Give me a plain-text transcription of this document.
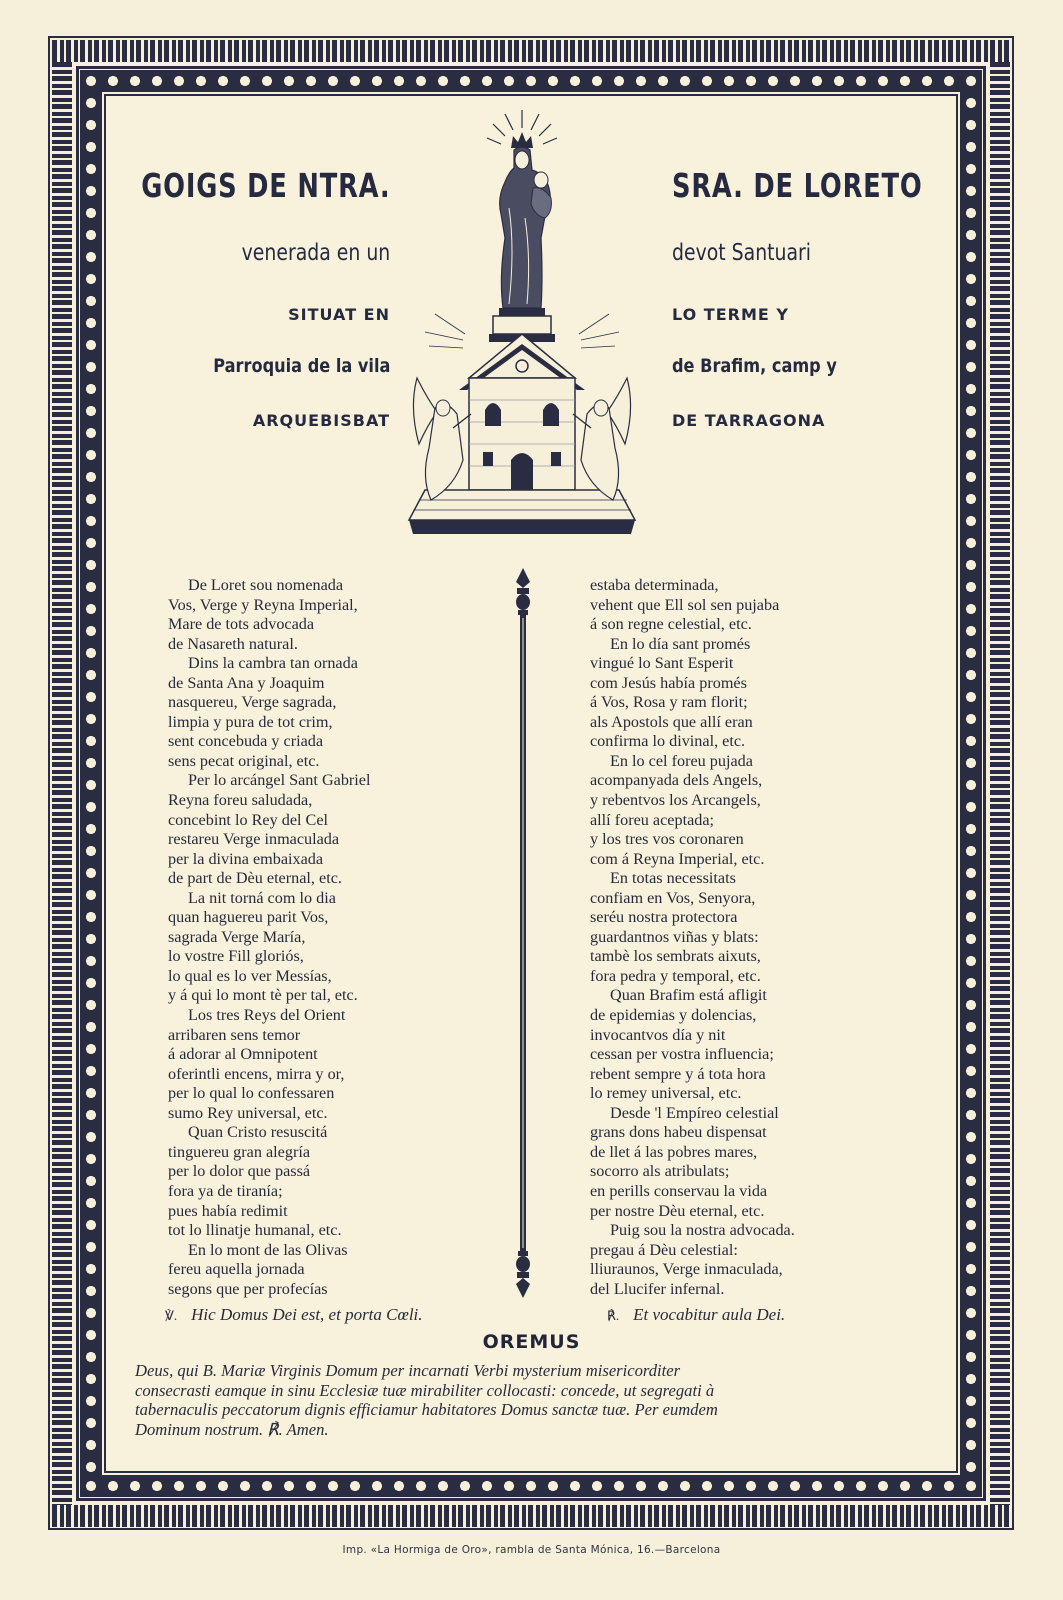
GOIGS DE NTRA.
venerada en un
SITUAT EN
Parroquia de la vila
ARQUEBISBAT
SRA. DE LORETO
devot Santuari
LO TERME Y
de Brafim, camp y
DE TARRAGONA
De Loret sou nomenada
Vos, Verge y Reyna Imperial,
Mare de tots advocada
de Nasareth natural.
Dins la cambra tan ornada
de Santa Ana y Joaquim
nasquereu, Verge sagrada,
limpia y pura de tot crim,
sent concebuda y criada
sens pecat original, etc.
Per lo arcángel Sant Gabriel
Reyna foreu saludada,
concebint lo Rey del Cel
restareu Verge inmaculada
per la divina embaixada
de part de Dèu eternal, etc.
La nit torná com lo dia
quan haguereu parit Vos,
sagrada Verge María,
lo vostre Fill gloriós,
lo qual es lo ver Messías,
y á qui lo mont tè per tal, etc.
Los tres Reys del Orient
arribaren sens temor
á adorar al Omnipotent
oferintli encens, mirra y or,
per lo qual lo confessaren
sumo Rey universal, etc.
Quan Cristo resuscitá
tinguereu gran alegría
per lo dolor que passá
fora ya de tiranía;
pues había redimit
tot lo llinatje humanal, etc.
En lo mont de las Olivas
fereu aquella jornada
segons que per profecías
estaba determinada,
vehent que Ell sol sen pujaba
á son regne celestial, etc.
En lo día sant promés
vingué lo Sant Esperit
com Jesús había promés
á Vos, Rosa y ram florit;
als Apostols que allí eran
confirma lo divinal, etc.
En lo cel foreu pujada
acompanyada dels Angels,
y rebentvos los Arcangels,
allí foreu aceptada;
y los tres vos coronaren
com á Reyna Imperial, etc.
En totas necessitats
confiam en Vos, Senyora,
seréu nostra protectora
guardantnos viñas y blats:
tambè los sembrats aixuts,
fora pedra y temporal, etc.
Quan Brafim está afligit
de epidemias y dolencias,
invocantvos día y nit
cessan per vostra influencia;
rebent sempre y á tota hora
lo remey universal, etc.
Desde 'l Empíreo celestial
grans dons habeu dispensat
de llet á las pobres mares,
socorro als atribulats;
en perills conservau la vida
per nostre Dèu eternal, etc.
Puig sou la nostra advocada.
pregau á Dèu celestial:
lliuraunos, Verge inmaculada,
del Llucifer infernal.
℣. Hic Domus Dei est, et porta Cœli.	℟. Et vocabitur aula Dei.
OREMUS
Deus, qui B. Mariæ Virginis Domum per incarnati Verbi mysterium misericorditer
consecrasti eamque in sinu Ecclesiæ tuæ mirabiliter collocasti: concede, ut segregati à
tabernaculis peccatorum dignis efficiamur habitatores Domus sanctæ tuæ. Per eumdem
Dominum nostrum. ℟. Amen.
Imp. «La Hormiga de Oro», rambla de Santa Mónica, 16.—Barcelona
